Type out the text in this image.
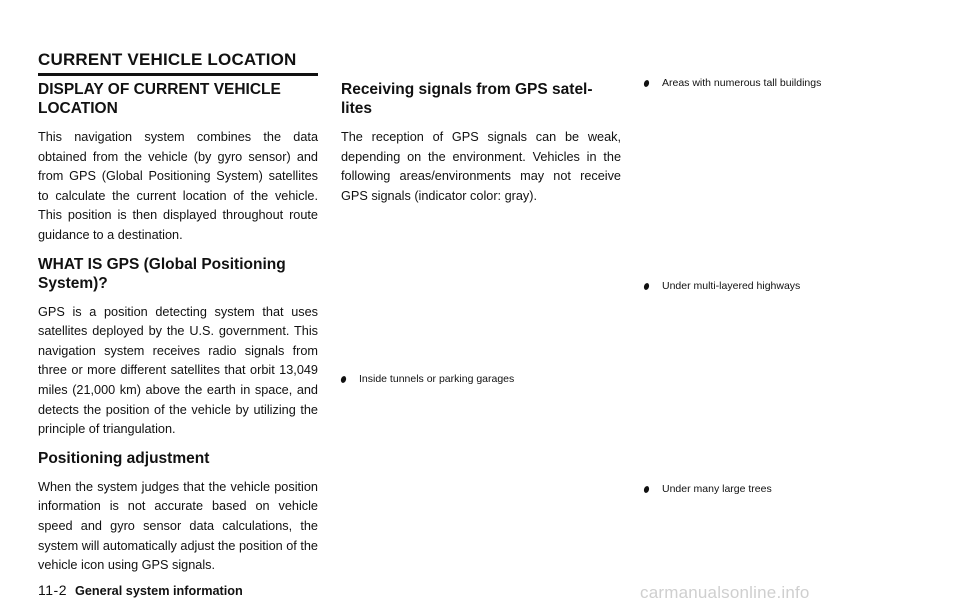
CURRENT VEHICLE LOCATION
DISPLAY OF CURRENT VEHICLE LOCATION

This navigation system combines the data obtained from the vehicle (by gyro sensor) and from GPS (Global Positioning System) satellites to calculate the current location of the vehicle. This position is then displayed throughout route guidance to a destination.

WHAT IS GPS (Global Positioning System)?

GPS is a position detecting system that uses satellites deployed by the U.S. government. This navigation system receives radio signals from three or more different satellites that orbit 13,049 miles (21,000 km) above the earth in space, and detects the position of the vehicle by utilizing the principle of triangulation.

Positioning adjustment

When the system judges that the vehicle position information is not accurate based on vehicle speed and gyro sensor data calculations, the system will automatically adjust the position of the vehicle icon using GPS signals.

Receiving signals from GPS satel-lites

The reception of GPS signals can be weak, depending on the environment. Vehicles in the following areas/environments may not receive GPS signals (indicator color: gray).

Inside tunnels or parking garages
Areas with numerous tall buildings
Under multi-layered highways
Under many large trees
11-2 General system information	carmanualsonline.info
